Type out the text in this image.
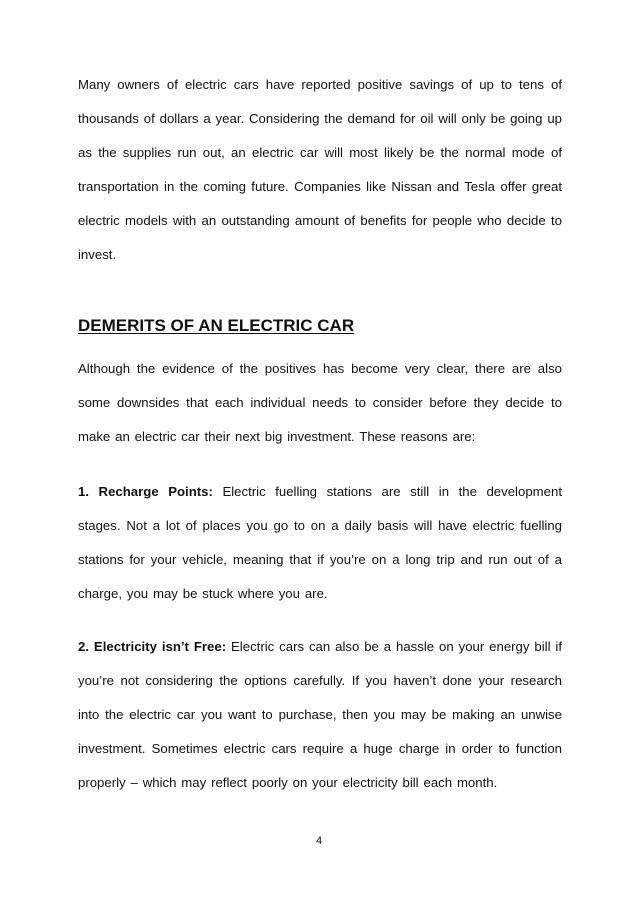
Many owners of electric cars have reported positive savings of up to tens of thousands of dollars a year. Considering the demand for oil will only be going up as the supplies run out, an electric car will most likely be the normal mode of transportation in the coming future. Companies like Nissan and Tesla offer great electric models with an outstanding amount of benefits for people who decide to invest.

DEMERITS OF AN ELECTRIC CAR

Although the evidence of the positives has become very clear, there are also some downsides that each individual needs to consider before they decide to make an electric car their next big investment. These reasons are:

1. Recharge Points: Electric fuelling stations are still in the development stages. Not a lot of places you go to on a daily basis will have electric fuelling stations for your vehicle, meaning that if you’re on a long trip and run out of a charge, you may be stuck where you are.

2. Electricity isn’t Free: Electric cars can also be a hassle on your energy bill if you’re not considering the options carefully. If you haven’t done your research into the electric car you want to purchase, then you may be making an unwise investment. Sometimes electric cars require a huge charge in order to function properly – which may reflect poorly on your electricity bill each month.

4
